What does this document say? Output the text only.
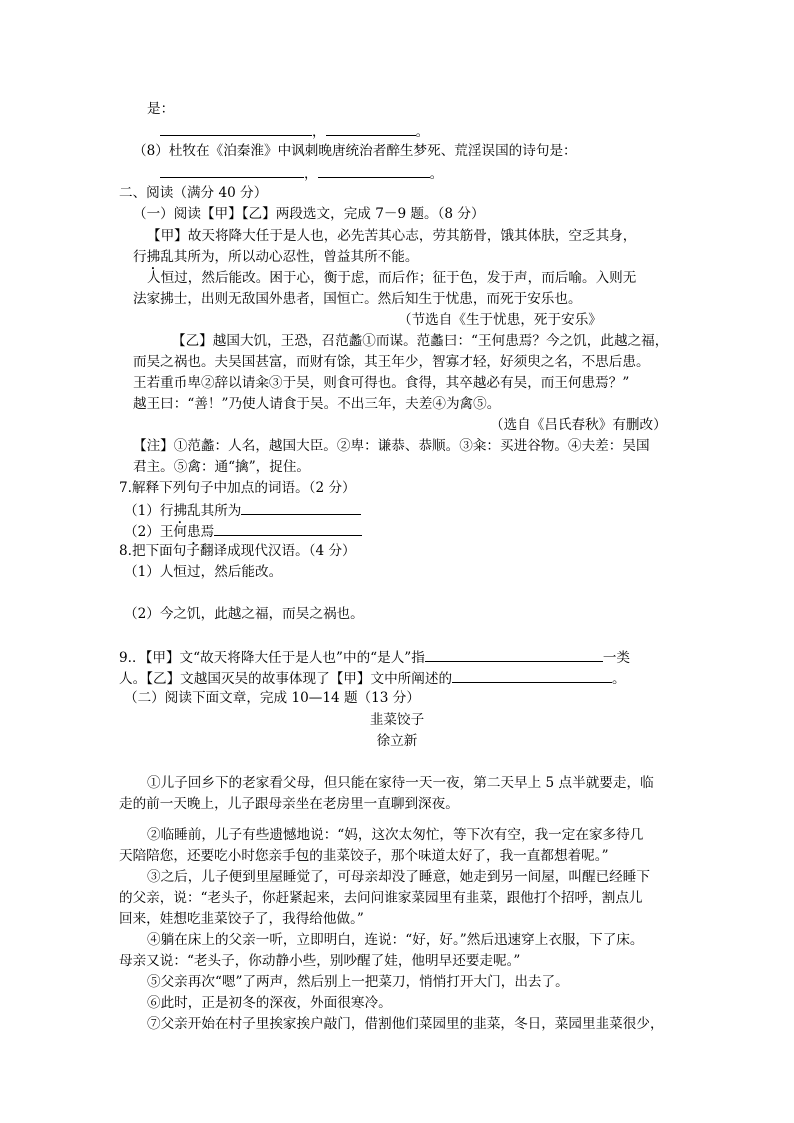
是：
，	。
（8）杜牧在《泊秦淮》中讽刺晚唐统治者醉生梦死、荒淫误国的诗句是：
，	。
二、阅读（满分 40 分）
（一）阅读【甲】【乙】两段选文，完成 7－9 题。（8 分）
【甲】故天将降大任于是人也，必先苦其心志，劳其筋骨，饿其体肤，空乏其身，
行拂乱其所为，所以动心忍性，曾益其所不能。
人恒过，然后能改。困于心，衡于虑，而后作；征于色，发于声，而后喻。入则无
法家拂士，出则无敌国外患者，国恒亡。然后知生于忧患，而死于安乐也。
（节选自《生于忧患，死于安乐》
【乙】越国大饥，王恐，召范蠡①而谋。范蠡曰：“王何患焉？今之饥，此越之福，
而吴之祸也。夫吴国甚富，而财有馀，其王年少，智寡才轻，好须臾之名，不思后患。
王若重币卑②辞以请籴③于吴，则食可得也。食得，其卒越必有吴，而王何患焉？”
越王曰：“善！”乃使人请食于吴。不出三年，夫差④为禽⑤。
（选自《吕氏春秋》有删改）
【注】①范蠡：人名，越国大臣。②卑：谦恭、恭顺。③籴：买进谷物。④夫差：吴国
君主。⑤禽：通“擒”，捉住。
7.解释下列句子中加点的词语。（2 分）
（1）行拂乱其所为
（2）王何患焉
8.把下面句子翻译成现代汉语。（4 分）
（1）人恒过，然后能改。
（2）今之饥，此越之福，而吴之祸也。
9.．【甲】文“故天将降大任于是人也”中的“是人”指	一类
人。【乙】文越国灭吴的故事体现了【甲】文中所阐述的	。
（二）阅读下面文章，完成 10—14 题（13 分）
韭菜饺子
徐立新
①儿子回乡下的老家看父母，但只能在家待一天一夜，第二天早上 5 点半就要走，临
走的前一天晚上，儿子跟母亲坐在老房里一直聊到深夜。
②临睡前，儿子有些遗憾地说：“妈，这次太匆忙，等下次有空，我一定在家多待几
天陪陪您，还要吃小时您亲手包的韭菜饺子，那个味道太好了，我一直都想着呢。”
③之后，儿子便到里屋睡觉了，可母亲却没了睡意，她走到另一间屋，叫醒已经睡下
的父亲，说：“老头子，你赶紧起来，去问问谁家菜园里有韭菜，跟他打个招呼，割点儿
回来，娃想吃韭菜饺子了，我得给他做。”
④躺在床上的父亲一听，立即明白，连说：“好，好。”然后迅速穿上衣服，下了床。
母亲又说：“老头子，你动静小些，别吵醒了娃，他明早还要走呢。”
⑤父亲再次“嗯”了两声，然后别上一把菜刀，悄悄打开大门，出去了。
⑥此时，正是初冬的深夜，外面很寒冷。
⑦父亲开始在村子里挨家挨户敲门，借割他们菜园里的韭菜，冬日，菜园里韭菜很少，
